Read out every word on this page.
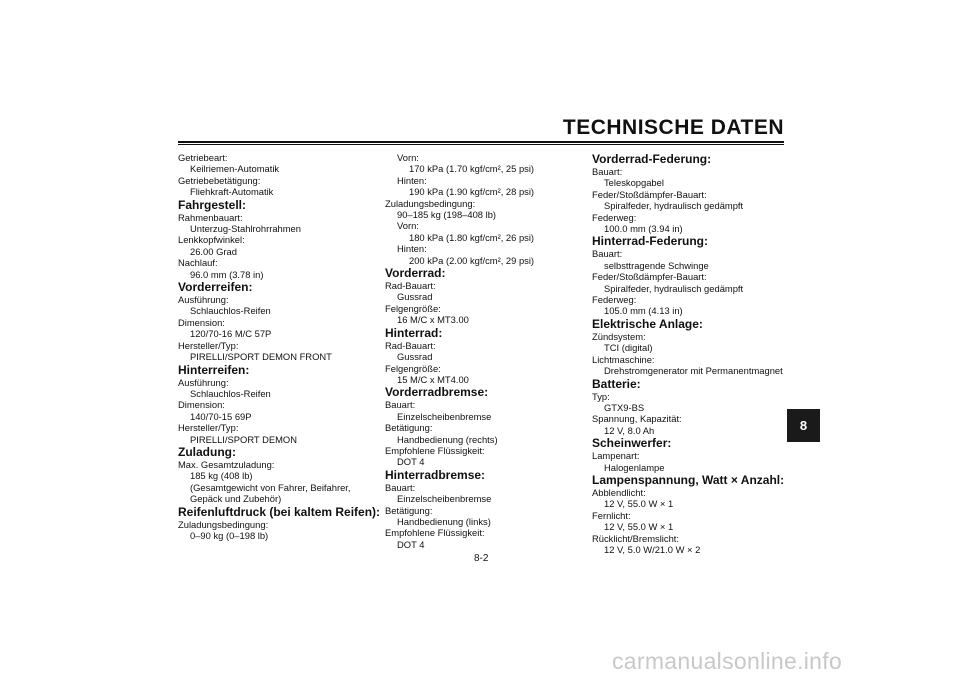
TECHNISCHE DATEN
Getriebeart:
Keilriemen-Automatik
Getriebebetätigung:
Fliehkraft-Automatik
Fahrgestell:
Rahmenbauart:
Unterzug-Stahlrohrrahmen
Lenkkopfwinkel:
26.00 Grad
Nachlauf:
96.0 mm (3.78 in)
Vorderreifen:
Ausführung:
Schlauchlos-Reifen
Dimension:
120/70-16 M/C 57P
Hersteller/Typ:
PIRELLI/SPORT DEMON FRONT
Hinterreifen:
Ausführung:
Schlauchlos-Reifen
Dimension:
140/70-15 69P
Hersteller/Typ:
PIRELLI/SPORT DEMON
Zuladung:
Max. Gesamtzuladung:
185 kg (408 lb)
(Gesamtgewicht von Fahrer, Beifahrer,
Gepäck und Zubehör)
Reifenluftdruck (bei kaltem Reifen):
Zuladungsbedingung:
0–90 kg (0–198 lb)
Vorn:
170 kPa (1.70 kgf/cm², 25 psi)
Hinten:
190 kPa (1.90 kgf/cm², 28 psi)
Zuladungsbedingung:
90–185 kg (198–408 lb)
Vorn:
180 kPa (1.80 kgf/cm², 26 psi)
Hinten:
200 kPa (2.00 kgf/cm², 29 psi)
Vorderrad:
Rad-Bauart:
Gussrad
Felgengröße:
16 M/C x MT3.00
Hinterrad:
Rad-Bauart:
Gussrad
Felgengröße:
15 M/C x MT4.00
Vorderradbremse:
Bauart:
Einzelscheibenbremse
Betätigung:
Handbedienung (rechts)
Empfohlene Flüssigkeit:
DOT 4
Hinterradbremse:
Bauart:
Einzelscheibenbremse
Betätigung:
Handbedienung (links)
Empfohlene Flüssigkeit:
DOT 4
Vorderrad-Federung:
Bauart:
Teleskopgabel
Feder/Stoßdämpfer-Bauart:
Spiralfeder, hydraulisch gedämpft
Federweg:
100.0 mm (3.94 in)
Hinterrad-Federung:
Bauart:
selbsttragende Schwinge
Feder/Stoßdämpfer-Bauart:
Spiralfeder, hydraulisch gedämpft
Federweg:
105.0 mm (4.13 in)
Elektrische Anlage:
Zündsystem:
TCI (digital)
Lichtmaschine:
Drehstromgenerator mit Permanentmagnet
Batterie:
Typ:
GTX9-BS
Spannung, Kapazität:
12 V, 8.0 Ah
Scheinwerfer:
Lampenart:
Halogenlampe
Lampenspannung, Watt × Anzahl:
Abblendlicht:
12 V, 55.0 W × 1
Fernlicht:
12 V, 55.0 W × 1
Rücklicht/Bremslicht:
12 V, 5.0 W/21.0 W × 2
8
8-2
carmanualsonline.info
